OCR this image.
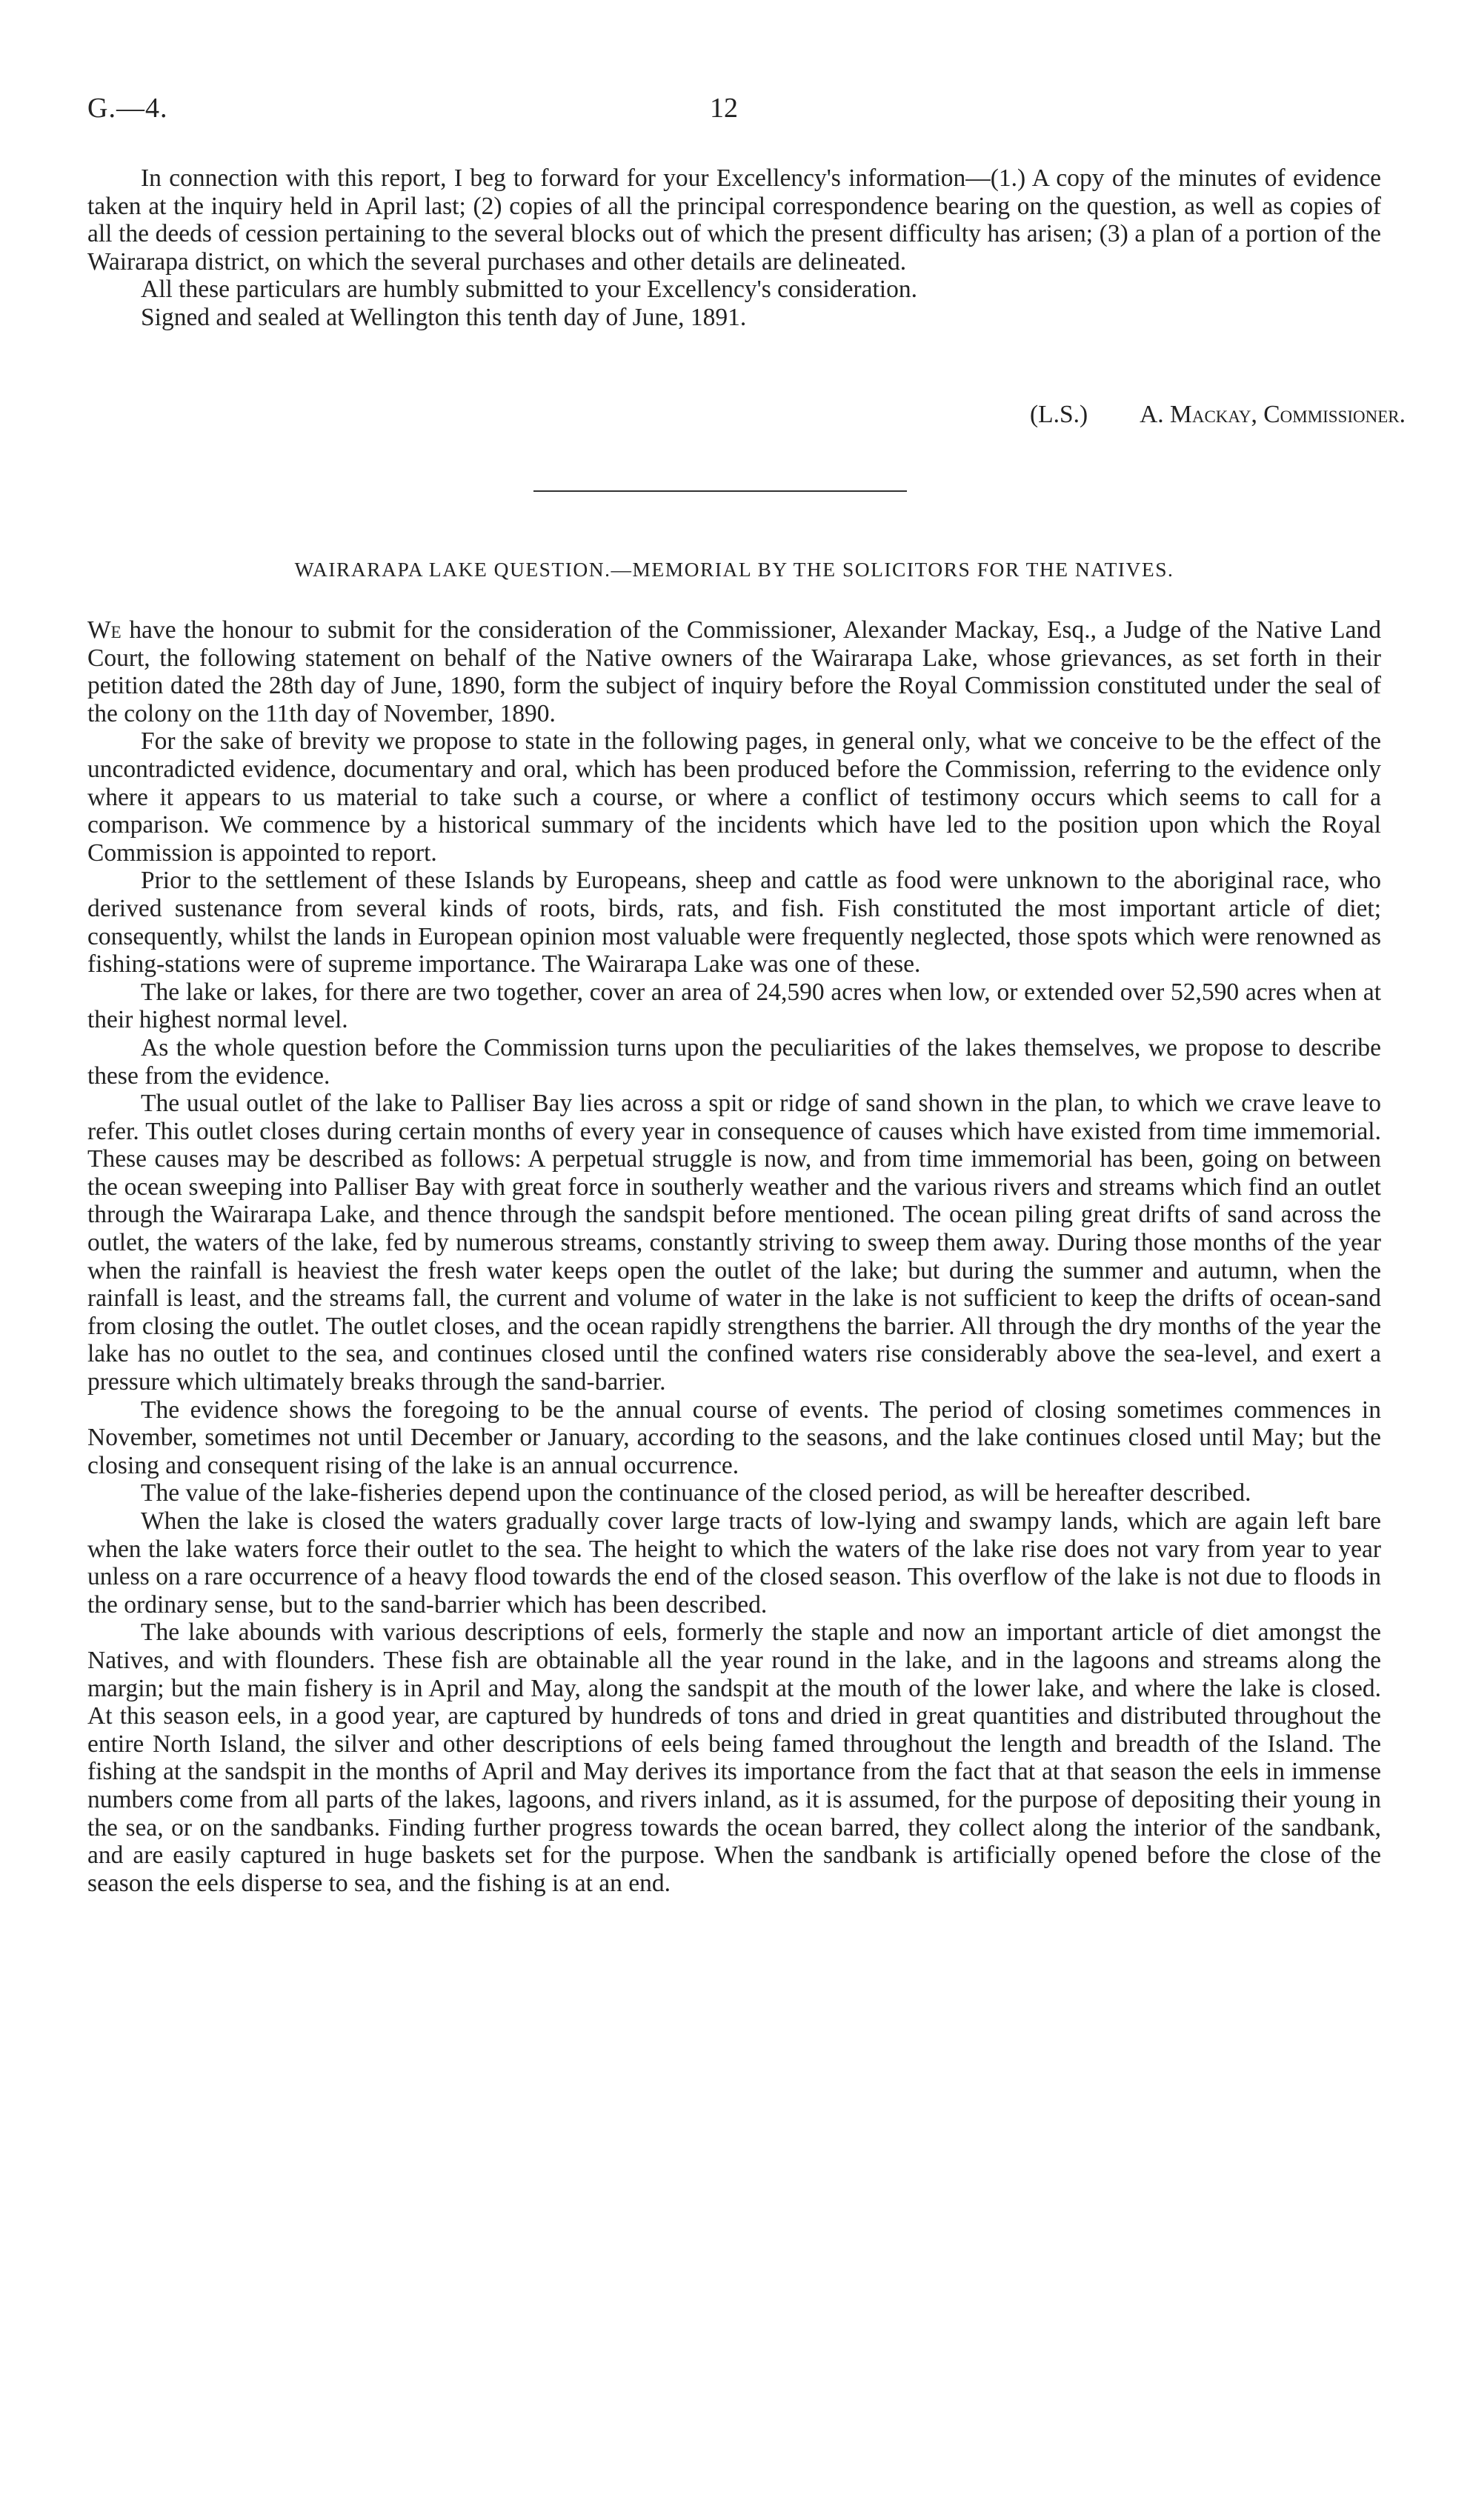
G.—4.	12

In connection with this report, I beg to forward for your Excellency's information—(1.) A copy of the minutes of evidence taken at the inquiry held in April last; (2) copies of all the principal correspondence bearing on the question, as well as copies of all the deeds of cession pertaining to the several blocks out of which the present difficulty has arisen; (3) a plan of a portion of the Wairarapa district, on which the several purchases and other details are delineated.

All these particulars are humbly submitted to your Excellency's consideration.

Signed and sealed at Wellington this tenth day of June, 1891.

(L.S.) A. Mackay, Commissioner.
WAIRARAPA LAKE QUESTION.—MEMORIAL BY THE SOLICITORS FOR THE NATIVES.

We have the honour to submit for the consideration of the Commissioner, Alexander Mackay, Esq., a Judge of the Native Land Court, the following statement on behalf of the Native owners of the Wairarapa Lake, whose grievances, as set forth in their petition dated the 28th day of June, 1890, form the subject of inquiry before the Royal Commission constituted under the seal of the colony on the 11th day of November, 1890.

For the sake of brevity we propose to state in the following pages, in general only, what we conceive to be the effect of the uncontradicted evidence, documentary and oral, which has been produced before the Commission, referring to the evidence only where it appears to us material to take such a course, or where a conflict of testimony occurs which seems to call for a comparison. We commence by a historical summary of the incidents which have led to the position upon which the Royal Commission is appointed to report.

Prior to the settlement of these Islands by Europeans, sheep and cattle as food were unknown to the aboriginal race, who derived sustenance from several kinds of roots, birds, rats, and fish. Fish constituted the most important article of diet; consequently, whilst the lands in European opinion most valuable were frequently neglected, those spots which were renowned as fishing-stations were of supreme importance. The Wairarapa Lake was one of these.

The lake or lakes, for there are two together, cover an area of 24,590 acres when low, or extended over 52,590 acres when at their highest normal level.

As the whole question before the Commission turns upon the peculiarities of the lakes themselves, we propose to describe these from the evidence.

The usual outlet of the lake to Palliser Bay lies across a spit or ridge of sand shown in the plan, to which we crave leave to refer. This outlet closes during certain months of every year in consequence of causes which have existed from time immemorial. These causes may be described as follows: A perpetual struggle is now, and from time immemorial has been, going on between the ocean sweeping into Palliser Bay with great force in southerly weather and the various rivers and streams which find an outlet through the Wairarapa Lake, and thence through the sandspit before mentioned. The ocean piling great drifts of sand across the outlet, the waters of the lake, fed by numerous streams, constantly striving to sweep them away. During those months of the year when the rainfall is heaviest the fresh water keeps open the outlet of the lake; but during the summer and autumn, when the rainfall is least, and the streams fall, the current and volume of water in the lake is not sufficient to keep the drifts of ocean-sand from closing the outlet. The outlet closes, and the ocean rapidly strengthens the barrier. All through the dry months of the year the lake has no outlet to the sea, and continues closed until the confined waters rise considerably above the sea-level, and exert a pressure which ultimately breaks through the sand-barrier.

The evidence shows the foregoing to be the annual course of events. The period of closing sometimes commences in November, sometimes not until December or January, according to the seasons, and the lake continues closed until May; but the closing and consequent rising of the lake is an annual occurrence.

The value of the lake-fisheries depend upon the continuance of the closed period, as will be hereafter described.

When the lake is closed the waters gradually cover large tracts of low-lying and swampy lands, which are again left bare when the lake waters force their outlet to the sea. The height to which the waters of the lake rise does not vary from year to year unless on a rare occurrence of a heavy flood towards the end of the closed season. This overflow of the lake is not due to floods in the ordinary sense, but to the sand-barrier which has been described.

The lake abounds with various descriptions of eels, formerly the staple and now an important article of diet amongst the Natives, and with flounders. These fish are obtainable all the year round in the lake, and in the lagoons and streams along the margin; but the main fishery is in April and May, along the sandspit at the mouth of the lower lake, and where the lake is closed. At this season eels, in a good year, are captured by hundreds of tons and dried in great quantities and distributed throughout the entire North Island, the silver and other descriptions of eels being famed throughout the length and breadth of the Island. The fishing at the sandspit in the months of April and May derives its importance from the fact that at that season the eels in immense numbers come from all parts of the lakes, lagoons, and rivers inland, as it is assumed, for the purpose of depositing their young in the sea, or on the sandbanks. Finding further progress towards the ocean barred, they collect along the interior of the sandbank, and are easily captured in huge baskets set for the purpose. When the sandbank is artificially opened before the close of the season the eels disperse to sea, and the fishing is at an end.
